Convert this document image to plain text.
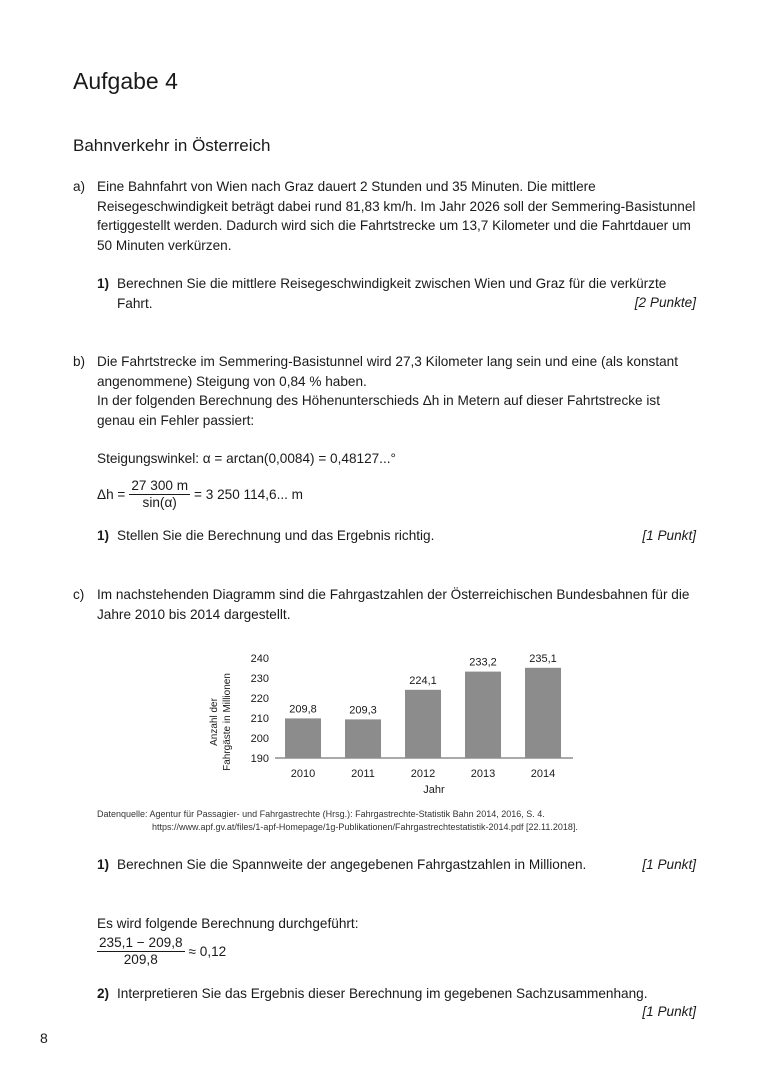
Aufgabe 4
Bahnverkehr in Österreich
a) Eine Bahnfahrt von Wien nach Graz dauert 2 Stunden und 35 Minuten. Die mittlere Reisegeschwindigkeit beträgt dabei rund 81,83 km/h. Im Jahr 2026 soll der Semmering-Basistunnel fertiggestellt werden. Dadurch wird sich die Fahrtstrecke um 13,7 Kilometer und die Fahrtdauer um 50 Minuten verkürzen.
1) Berechnen Sie die mittlere Reisegeschwindigkeit zwischen Wien und Graz für die verkürzte Fahrt.	[2 Punkte]
b) Die Fahrtstrecke im Semmering-Basistunnel wird 27,3 Kilometer lang sein und eine (als konstant angenommene) Steigung von 0,84 % haben.
In der folgenden Berechnung des Höhenunterschieds Δh in Metern auf dieser Fahrtstrecke ist genau ein Fehler passiert:
Steigungswinkel: α = arctan(0,0084) = 0,48127...°
$\Delta h = \frac{27 300 m}{\sin(\alpha)} = 3$ 250 114,6... m
1) Stellen Sie die Berechnung und das Ergebnis richtig.	[1 Punkt]
c) Im nachstehenden Diagramm sind die Fahrgastzahlen der Österreichischen Bundesbahnen für die Jahre 2010 bis 2014 dargestellt.
190
200
210
220
230
240
2010	2011	2012	2013	2014
209,8	209,3
224,1
233,2	235,1
Jahr
Anzahl der Fahrgäste in Millionen
Datenquelle: Agentur für Passagier- und Fahrgastrechte (Hrsg.): Fahrgastrechte-Statistik Bahn 2014, 2016, S. 4.
https://www.apf.gv.at/files/1-apf-Homepage/1g-Publikationen/Fahrgastrechtestatistik-2014.pdf [22.11.2018].
1) Berechnen Sie die Spannweite der angegebenen Fahrgastzahlen in Millionen.	[1 Punkt]
Es wird folgende Berechnung durchgeführt:
$\frac{235,1 - 209,8}{209,8} \approx 0,12$
2) Interpretieren Sie das Ergebnis dieser Berechnung im gegebenen Sachzusammenhang.
[1 Punkt]
8
